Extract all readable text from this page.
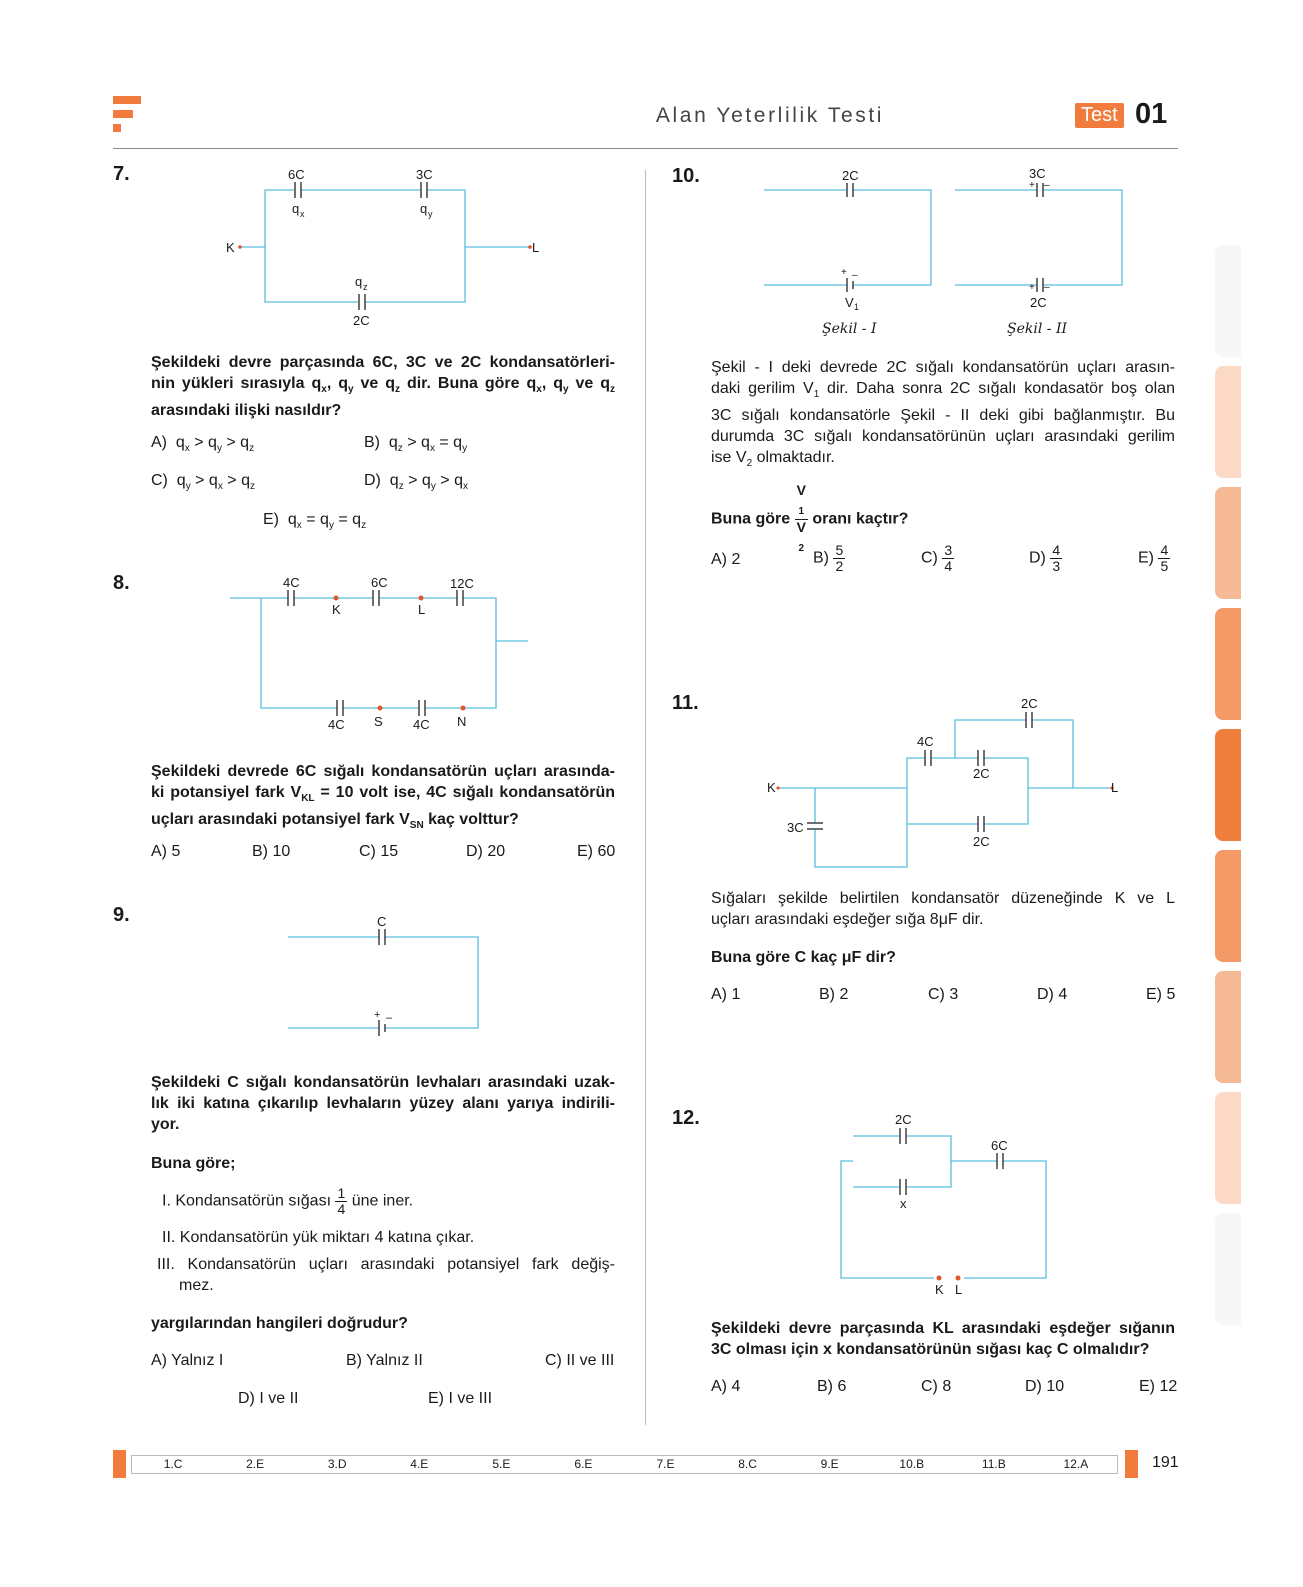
Alan Yeterlilik Testi	Test 01
7.	6C	3C
q x	q y
q z
2C
K	L
Şekildeki devre parçasında 6C, 3C ve 2C kondansatörleri-
nin yükleri sırasıyla $q_x$, $q_y$ ve $q_z$ dir. Buna göre $q_x$, $q_y$ ve $q_z$
arasındaki ilişki nasıldır?
A) $q_x > q_y > q_z$	B) $q_z > q_x = q_y$
C) $q_y > q_x > q_z$	D) $q_z > q_y > q_x$
E) $q_x = q_y = q_z$
8.	4C	6C	12C
K	L
4C S 4C N
Şekildeki devrede 6C sığalı kondansatörün uçları arasında-
ki potansiyel fark $V_{KL} = 10$ volt ise, 4C sığalı kondansatörün
uçları arasındaki potansiyel fark $V_{SN}$ kaç volttur?
A) 5	B) 10	C) 15	D) 20	E) 60
9.	C
+ –
Şekildeki C sığalı kondansatörün levhaları arasındaki uzak-
lık iki katına çıkarılıp levhaların yüzey alanı yarıya indirili-
yor.
Buna göre;
I. Kondansatörün sığası $\frac{1}{4}$ üne iner.
II. Kondansatörün yük miktarı 4 katına çıkar.
III. Kondansatörün uçları arasındaki potansiyel fark değiş-
mez.
yargılarından hangileri doğrudur?
A) Yalnız I	B) Yalnız II	C) II ve III
D) I ve II	E) I ve III
10.	2C
+ –
V 1
3C
+ –
+ –
2C
Şekil - I	Şekil - II
Şekil - I deki devrede 2C sığalı kondansatörün uçları arasın-
daki gerilim $V_1$ dir. Daha sonra 2C sığalı kondasatör boş olan
3C sığalı kondansatörle Şekil - II deki gibi bağlanmıştır. Bu
durumda 3C sığalı kondansatörünün uçları arasındaki gerilim
ise $V_2$ olmaktadır.
Buna göre V
$_1$
V
$_2$ oranı kaçtır?
A) 2	$B) \frac{5}{2}$	$C) \frac{3}{4}$	$D) \frac{4}{3}$	$E) \frac{4}{5}$
11.	2C
4C
2C
2C
3C
K	L
Sığaları şekilde belirtilen kondansatör düzeneğinde K ve L
uçları arasındaki eşdeğer sığa 8μF dir.
Buna göre C kaç μF dir?
A) 1	B) 2	C) 3	D) 4	E) 5
12.	2C
6C
x
K L
Şekildeki devre parçasında KL arasındaki eşdeğer sığanın
3C olması için x kondansatörünün sığası kaç C olmalıdır?
A) 4	B) 6	C) 8	D) 10	E) 12
1.C	2.E	3.D	4.E	5.E	6.E	7.E	8.C	9.E	10.B	11.B	12.A	191
